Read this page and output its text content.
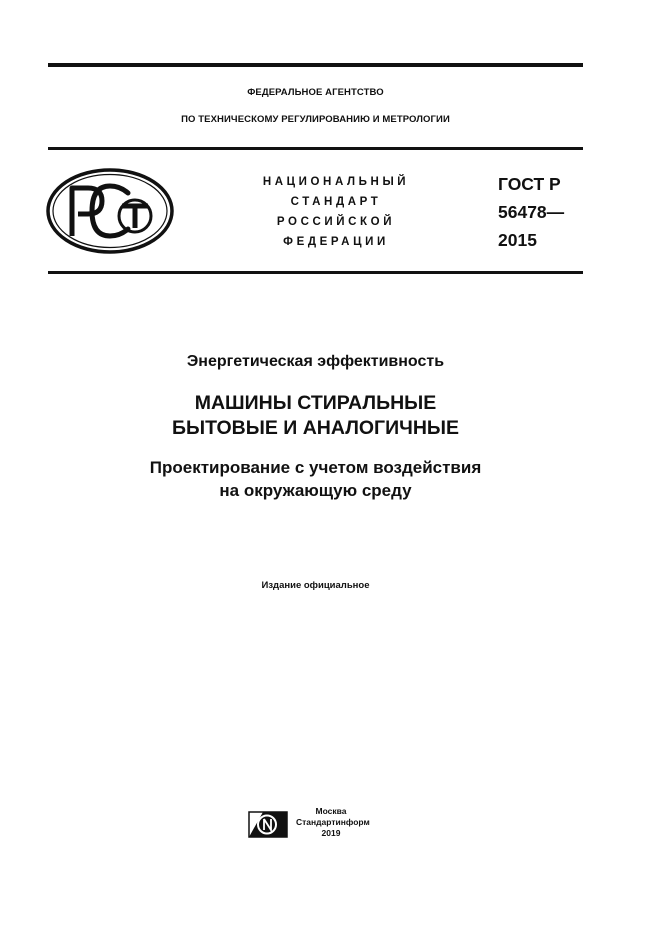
ФЕДЕРАЛЬНОЕ АГЕНТСТВО
ПО ТЕХНИЧЕСКОМУ РЕГУЛИРОВАНИЮ И МЕТРОЛОГИИ
НАЦИОНАЛЬНЫЙ
СТАНДАРТ
РОССИЙСКОЙ
ФЕДЕРАЦИИ
ГОСТ Р
56478—
2015
Энергетическая эффективность
МАШИНЫ СТИРАЛЬНЫЕ
БЫТОВЫЕ И АНАЛОГИЧНЫЕ
Проектирование с учетом воздействия
на окружающую среду
Издание официальное
Москва
Стандартинформ
2019
